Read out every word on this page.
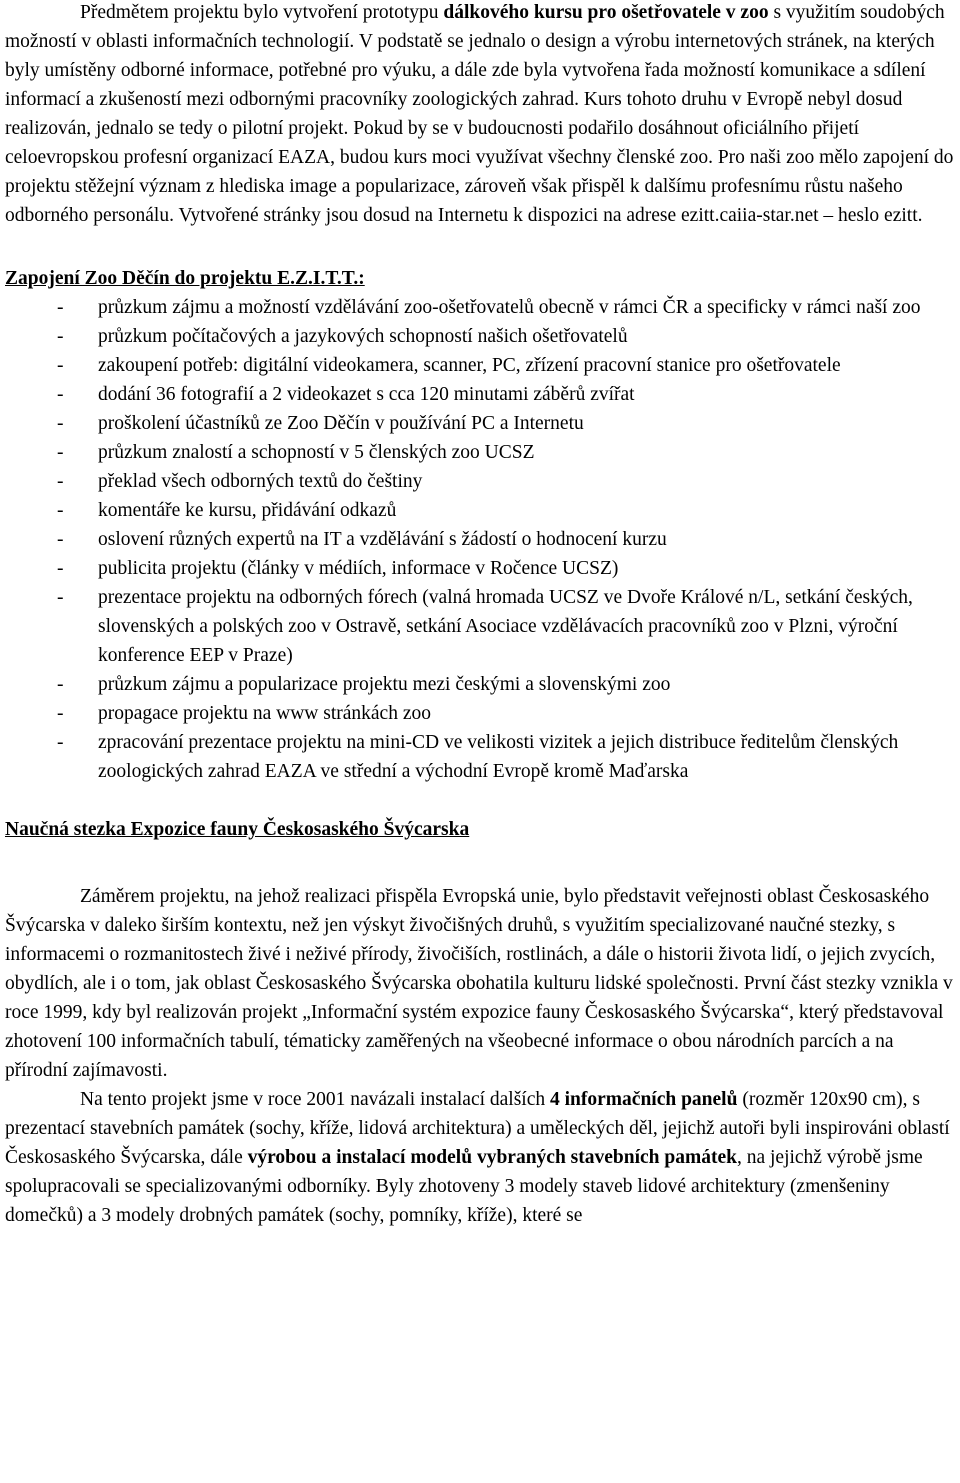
Předmětem projektu bylo vytvoření prototypu dálkového kursu pro ošetřovatele v zoo s využitím soudobých možností v oblasti informačních technologií. V podstatě se jednalo o design a výrobu internetových stránek, na kterých byly umístěny odborné informace, potřebné pro výuku, a dále zde byla vytvořena řada možností komunikace a sdílení informací a zkušeností mezi odbornými pracovníky zoologických zahrad. Kurs tohoto druhu v Evropě nebyl dosud realizován, jednalo se tedy o pilotní projekt. Pokud by se v budoucnosti podařilo dosáhnout oficiálního přijetí celoevropskou profesní organizací EAZA, budou kurs moci využívat všechny členské zoo. Pro naši zoo mělo zapojení do projektu stěžejní význam z hlediska image a popularizace, zároveň však přispěl k dalšímu profesnímu růstu našeho odborného personálu. Vytvořené stránky jsou dosud na Internetu k dispozici na adrese ezitt.caiia-star.net – heslo ezitt.

Zapojení Zoo Děčín do projektu E.Z.I.T.T.:
- průzkum zájmu a možností vzdělávání zoo-ošetřovatelů obecně v rámci ČR a specificky v rámci naší zoo
- průzkum počítačových a jazykových schopností našich ošetřovatelů
- zakoupení potřeb: digitální videokamera, scanner, PC, zřízení pracovní stanice pro ošetřovatele
- dodání 36 fotografií a 2 videokazet s cca 120 minutami záběrů zvířat
- proškolení účastníků ze Zoo Děčín v používání PC a Internetu
- průzkum znalostí a schopností v 5 členských zoo UCSZ
- překlad všech odborných textů do češtiny
- komentáře ke kursu, přidávání odkazů
- oslovení různých expertů na IT a vzdělávání s žádostí o hodnocení kurzu
- publicita projektu (články v médiích, informace v Ročence UCSZ)
- prezentace projektu na odborných fórech (valná hromada UCSZ ve Dvoře Králové n/L, setkání českých, slovenských a polských zoo v Ostravě, setkání Asociace vzdělávacích pracovníků zoo v Plzni, výroční konference EEP v Praze)
- průzkum zájmu a popularizace projektu mezi českými a slovenskými zoo
- propagace projektu na www stránkách zoo
- zpracování prezentace projektu na mini-CD ve velikosti vizitek a jejich distribuce ředitelům členských zoologických zahrad EAZA ve střední a východní Evropě kromě Maďarska
Naučná stezka Expozice fauny Českosaského Švýcarska

Záměrem projektu, na jehož realizaci přispěla Evropská unie, bylo představit veřejnosti oblast Českosaského Švýcarska v daleko širším kontextu, než jen výskyt živočišných druhů, s využitím specializované naučné stezky, s informacemi o rozmanitostech živé i neživé přírody, živočiších, rostlinách, a dále o historii života lidí, o jejich zvycích, obydlích, ale i o tom, jak oblast Českosaského Švýcarska obohatila kulturu lidské společnosti. První část stezky vznikla v roce 1999, kdy byl realizován projekt „Informační systém expozice fauny Českosaského Švýcarska“, který představoval zhotovení 100 informačních tabulí, tématicky zaměřených na všeobecné informace o obou národních parcích a na přírodní zajímavosti.

Na tento projekt jsme v roce 2001 navázali instalací dalších 4 informačních panelů (rozměr 120x90 cm), s prezentací stavebních památek (sochy, kříže, lidová architektura) a uměleckých děl, jejichž autoři byli inspirováni oblastí Českosaského Švýcarska, dále výrobou a instalací modelů vybraných stavebních památek, na jejichž výrobě jsme spolupracovali se specializovanými odborníky. Byly zhotoveny 3 modely staveb lidové architektury (zmenšeniny domečků) a 3 modely drobných památek (sochy, pomníky, kříže), které se
